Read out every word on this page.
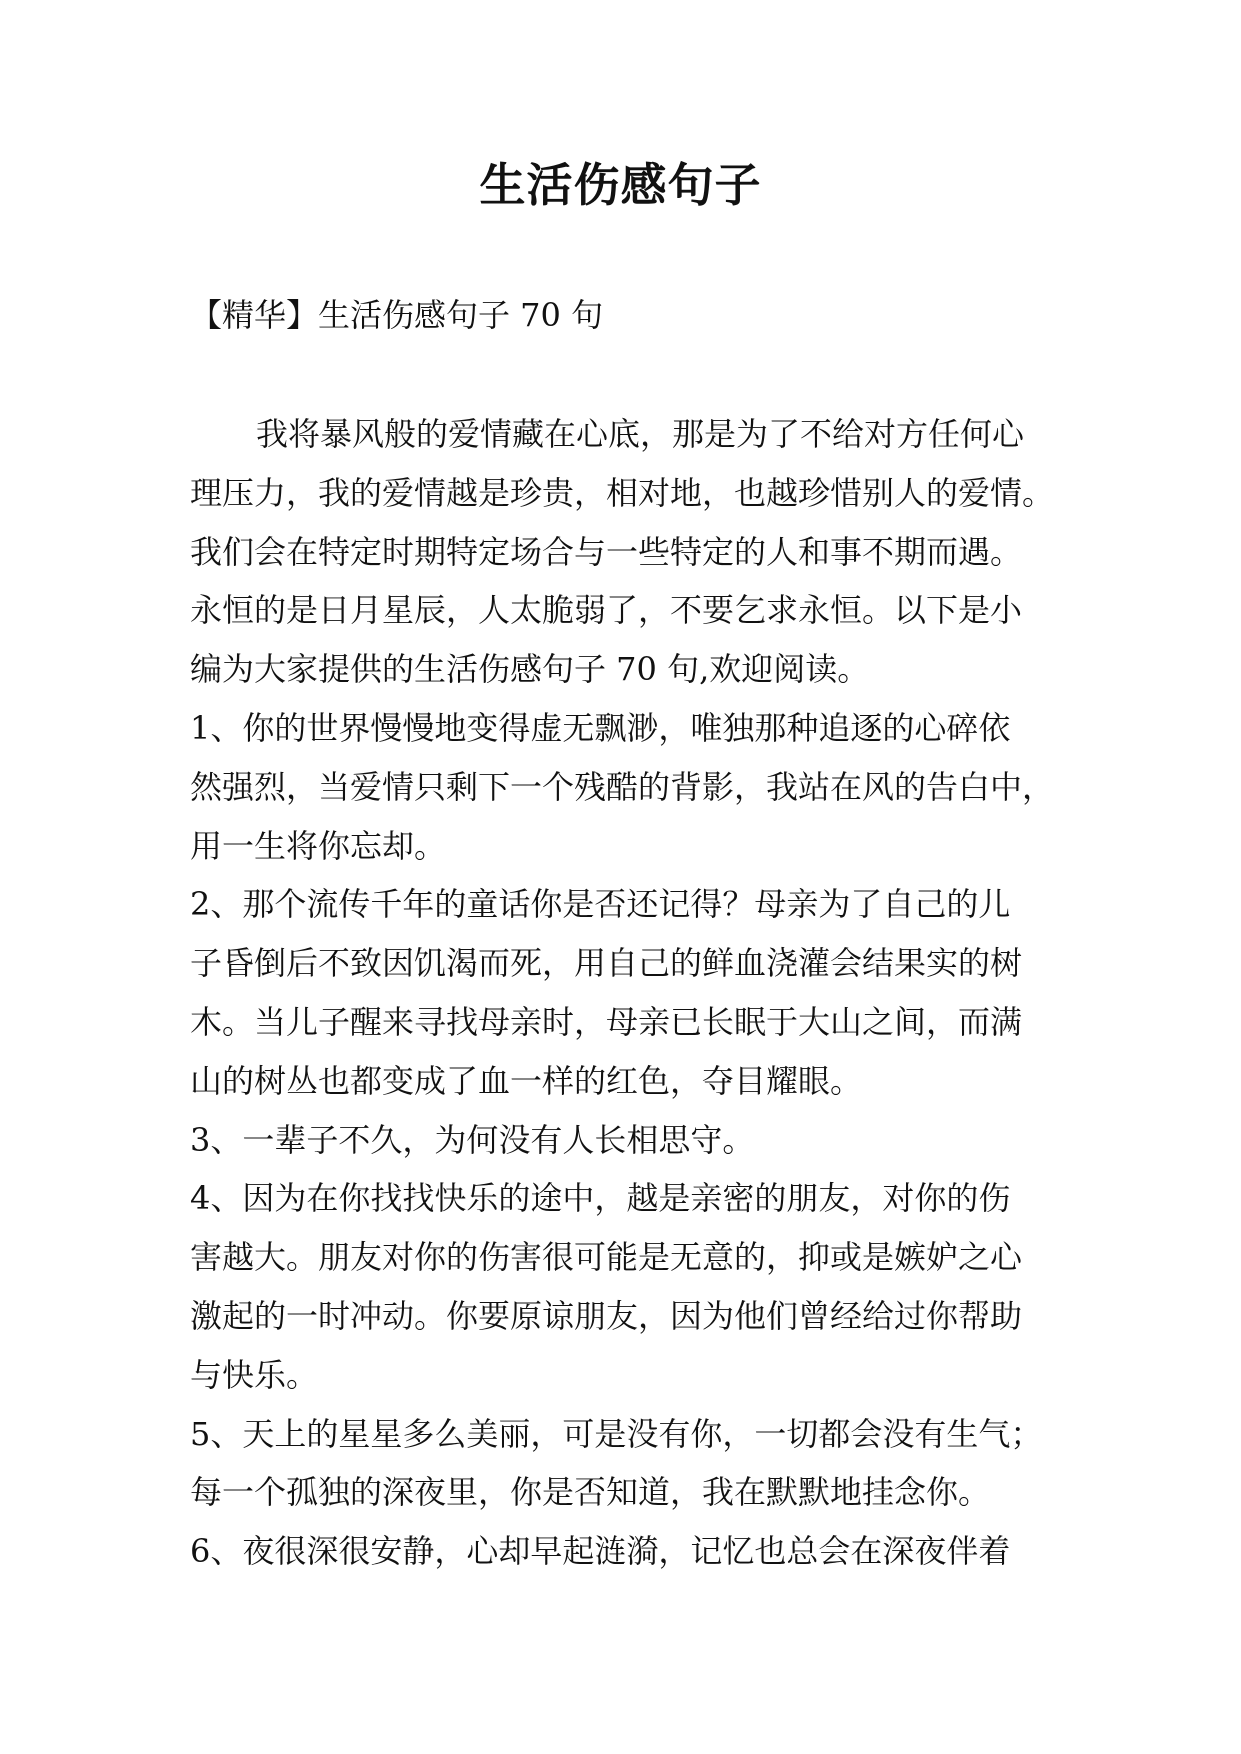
生活伤感句子
【精华】生活伤感句子 70 句
我将暴风般的爱情藏在心底，那是为了不给对方任何心
理压力，我的爱情越是珍贵，相对地，也越珍惜别人的爱情。
我们会在特定时期特定场合与一些特定的人和事不期而遇。
永恒的是日月星辰，人太脆弱了，不要乞求永恒。以下是小
编为大家提供的生活伤感句子 70 句,欢迎阅读。
1、你的世界慢慢地变得虚无飘渺，唯独那种追逐的心碎依
然强烈，当爱情只剩下一个残酷的背影，我站在风的告白中，
用一生将你忘却。
2、那个流传千年的童话你是否还记得？母亲为了自己的儿
子昏倒后不致因饥渴而死，用自己的鲜血浇灌会结果实的树
木。当儿子醒来寻找母亲时，母亲已长眠于大山之间，而满
山的树丛也都变成了血一样的红色，夺目耀眼。
3、一辈子不久，为何没有人长相思守。
4、因为在你找找快乐的途中，越是亲密的朋友，对你的伤
害越大。朋友对你的伤害很可能是无意的，抑或是嫉妒之心
激起的一时冲动。你要原谅朋友，因为他们曾经给过你帮助
与快乐。
5、天上的星星多么美丽，可是没有你，一切都会没有生气；
每一个孤独的深夜里，你是否知道，我在默默地挂念你。
6、夜很深很安静，心却早起涟漪，记忆也总会在深夜伴着
